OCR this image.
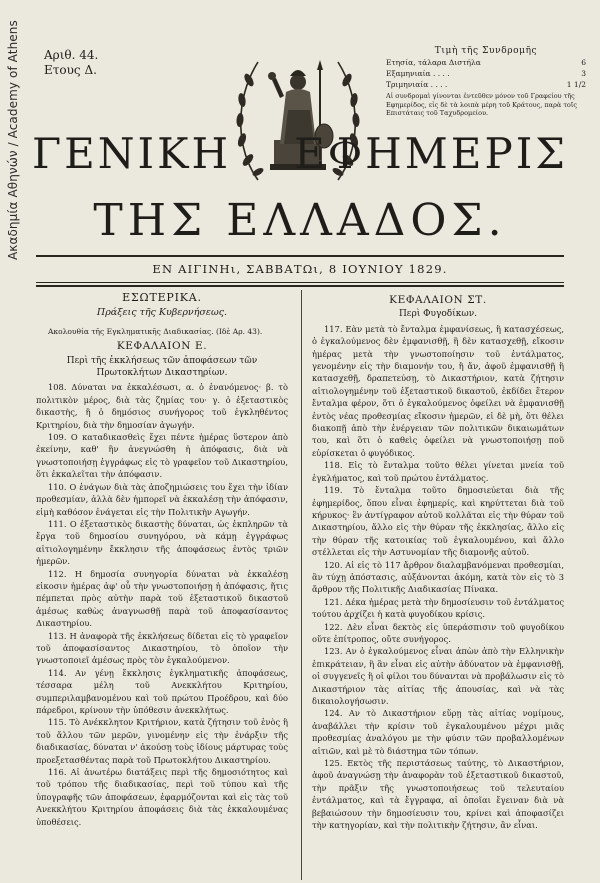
Ακαδημία Αθηνών / Academy of Athens	Αριθ. 44.
Ετους Δ.
Τιμὴ τῆς Συνδρομῆς
Ετησία, τάλαρα Διστήλα	6
Εξαμηνιαία . . . .	3
Τριμηνιαία . . . .	1 1/2
Αἱ συνδρομαὶ γίνονται ἐντεῦθεν μόνον τοῦ Γραφείου τῆς Εφημερίδος, εἰς δὲ τὰ λοιπὰ μέρη τοῦ Κράτους, παρὰ τοῖς Επιστάταις τοῦ Ταχυδρομείου.
ΓΕΝΙΚΗ ΕΦΗΜΕΡΙΣ
ΤΗΣ ΕΛΛΑΔΟΣ.
ΕΝ ΑΙΓΙΝΗι, ΣΑΒΒΑΤΩι, 8 ΙΟΥΝΙΟΥ 1829.
ΕΣΩΤΕΡΙΚΑ.
Πράξεις τῆς Κυβερνήσεως.

Ακολουθία τῆς Εγκληματικῆς Διαδικασίας. (Ιδὲ Αρ. 43).

ΚΕΦΑΛΑΙΟΝ Ε.
Περὶ τῆς ἐκκλήσεως τῶν ἀποφάσεων τῶν Πρωτοκλήτων Δικαστηρίων.

108. Δύναται να ἐκκαλέσωσι, α. ὁ ἐνανόμενος· β. τὸ πολιτικὸν μέρος, διὰ τὰς ζημίας του· γ. ὁ ἐξεταστικὸς δικαστὴς, ἢ ὁ δημόσιος συνήγορος τοῦ ἐγκληθέντος Κριτηρίου, διὰ τὴν δημοσίαν ἀγωγήν.

109. Ο καταδικασθεὶς ἔχει πέντε ἡμέρας ὕστερον ἀπὸ ἐκείνην, καθ' ἣν ἀνεγνώσθη ἡ ἀπόφασις, διὰ νὰ γνωστοποιήσῃ ἐγγράφως εἰς τὸ γραφεῖον τοῦ Δικαστηρίου, ὅτι ἐκκαλεῖται τὴν ἀπόφασιν.

110. Ο ἐνάγων διὰ τὰς ἀποζημιώσεις του ἔχει τὴν ἰδίαν προθεσμίαν, ἀλλὰ δὲν ἠμπορεῖ νὰ ἐκκαλέσῃ τὴν ἀπόφασιν, εἰμὴ καθόσον ἐνάγεται εἰς τὴν Πολιτικὴν Αγωγήν.

111. Ο ἐξεταστικὸς δικαστὴς δύναται, ὡς ἐκπληρῶν τὰ ἔργα τοῦ δημοσίου συνηγόρου, νὰ κάμῃ ἐγγράφως αἰτιολογημένην ἔκκλησιν τῆς ἀποφάσεως ἐντὸς τριῶν ἡμερῶν.

112. Η δημοσία συνηγορία δύναται νὰ ἐκκαλέσῃ εἰκοσιν ἡμέρας ἀφ' οὗ τὴν γνωστοποιήσῃ ἡ ἀπόφασις, ἥτις πέμπεται πρὸς αὐτὴν παρὰ τοῦ ἐξεταστικοῦ δικαστοῦ ἀμέσως καθὼς ἀναγνωσθῇ παρὰ τοῦ ἀποφασίσαντος Δικαστηρίου.

113. Η ἀναφορὰ τῆς ἐκκλήσεως δίδεται εἰς τὸ γραφεῖον τοῦ ἀποφασίσαντος Δικαστηρίου, τὸ ὁποῖον τὴν γνωστοποιεῖ ἀμέσως πρὸς τὸν ἐγκαλούμενον.

114. Αν γένῃ ἔκκλησις ἐγκληματικῆς ἀποφάσεως, τέσσαρα μέλη τοῦ Ανεκκλήτου Κριτηρίου, συμπεριλαμβανομένου καὶ τοῦ πρώτου Προέδρου, καὶ δύο πάρεδροι, κρίνουν τὴν ὑπόθεσιν ἀνεκκλήτως.

115. Τὸ Ανέκκλητον Κριτήριον, κατὰ ζήτησιν τοῦ ἑνὸς ἢ τοῦ ἄλλου τῶν μερῶν, γινομένην εἰς τὴν ἐνάρξιν τῆς διαδικασίας, δύναται ν' ἀκούσῃ τοὺς ἰδίους μάρτυρας τοὺς προεξετασθέντας παρὰ τοῦ Πρωτοκλήτου Δικαστηρίου.

116. Αἱ ἀνωτέρω διατάξεις περὶ τῆς δημοσιότητος καὶ τοῦ τρόπου τῆς διαδικασίας, περὶ τοῦ τύπου καὶ τῆς ὑπογραφῆς τῶν ἀποφάσεων, ἐφαρμόζονται καὶ εἰς τὰς τοῦ Ανεκκλήτου Κριτηρίου ἀποφάσεις διὰ τὰς ἐκκαλουμένας ὑποθέσεις.

ΚΕΦΑΛΑΙΟΝ ΣΤ.
Περὶ Φυγοδίκων.

117. Εὰν μετὰ τὸ ἔνταλμα ἐμφανίσεως, ἢ κατασχέσεως, ὁ ἐγκαλούμενος δὲν ἐμφανισθῇ, ἢ δὲν κατασχεθῇ, εἴκοσιν ἡμέρας μετὰ τὴν γνωστοποίησιν τοῦ ἐντάλματος, γενομένην εἰς τὴν διαμονήν του, ἢ ἄν, ἀφοῦ ἐμφανισθῇ ἢ κατασχεθῇ, δραπετεύσῃ, τὸ Δικαστήριον, κατὰ ζήτησιν αἰτιολογημένην τοῦ ἐξεταστικοῦ δικαστοῦ, ἐκδίδει ἕτερον ἔνταλμα φέρον, ὅτι ὁ ἐγκαλούμενος ὀφείλει νὰ ἐμφανισθῇ ἐντὸς νέας προθεσμίας εἴκοσιν ἡμερῶν, εἰ δὲ μὴ, ὅτι θέλει διακοπῇ ἀπὸ τὴν ἐνέργειαν τῶν πολιτικῶν δικαιωμάτων του, καὶ ὅτι ὁ καθεὶς ὀφείλει νὰ γνωστοποιήσῃ ποῦ εὑρίσκεται ὁ φυγόδικος.

118. Εἰς τὸ ἔνταλμα τοῦτο θέλει γίνεται μνεία τοῦ ἐγκλήματος, καὶ τοῦ πρώτου ἐντάλματος.

119. Τὸ ἔνταλμα τοῦτο δημοσιεύεται διὰ τῆς ἐφημερίδος, ὅπου εἶναι ἐφημερίς, καὶ κηρύττεται διὰ τοῦ κήρυκος· ἓν ἀντίγραφον αὐτοῦ κολλᾶται εἰς τὴν θύραν τοῦ Δικαστηρίου, ἄλλο εἰς τὴν θύραν τῆς ἐκκλησίας, ἄλλο εἰς τὴν θύραν τῆς κατοικίας τοῦ ἐγκαλουμένου, καὶ ἄλλο στέλλεται εἰς τὴν Αστυνομίαν τῆς διαμονῆς αὐτοῦ.

120. Αἱ εἰς τὸ 117 ἄρθρον διαλαμβανόμεναι προθεσμίαι, ἂν τύχῃ ἀπόστασις, αὐξάνονται ἀκόμη, κατὰ τὸν εἰς τὸ 3 ἄρθρον τῆς Πολιτικῆς Διαδικασίας Πίνακα.

121. Δέκα ἡμέρας μετὰ τὴν δημοσίευσιν τοῦ ἐντάλματος τούτου ἀρχίζει ἡ κατὰ φυγοδίκου κρίσις.

122. Δὲν εἶναι δεκτὸς εἰς ὑπεράσπισιν τοῦ φυγοδίκου οὔτε ἐπίτροπος, οὔτε συνήγορος.

123. Αν ὁ ἐγκαλούμενος εἶναι ἀπὼν ἀπὸ τὴν Ελληνικὴν ἐπικράτειαν, ἢ ἂν εἶναι εἰς αὐτὴν ἀδύνατον νὰ ἐμφανισθῇ, οἱ συγγενεῖς ἢ οἱ φίλοι του δύνανται νὰ προβάλωσιν εἰς τὸ Δικαστήριον τὰς αἰτίας τῆς ἀπουσίας, καὶ νὰ τὰς δικαιολογήσωσιν.

124. Αν τὸ Δικαστήριον εὕρῃ τὰς αἰτίας νομίμους, ἀναβάλλει τὴν κρίσιν τοῦ ἐγκαλουμένου μέχρι μιᾶς προθεσμίας ἀναλόγου με τὴν φύσιν τῶν προβαλλομένων αἰτιῶν, καὶ μὲ τὸ διάστημα τῶν τόπων.

125. Εκτὸς τῆς περιστάσεως ταύτης, τὸ Δικαστήριον, ἀφοῦ ἀναγνώσῃ τὴν ἀναφορὰν τοῦ ἐξεταστικοῦ δικαστοῦ, τὴν πρᾶξιν τῆς γνωστοποιήσεως τοῦ τελευταίου ἐντάλματος, καὶ τὰ ἔγγραφα, αἱ ὁποῖαι ἔγειναν διὰ νὰ βεβαιώσουν τὴν δημοσίευσιν του, κρίνει καὶ ἀποφασίζει τὴν κατηγορίαν, καὶ τὴν πολιτικὴν ζήτησιν, ἂν εἶναι.
